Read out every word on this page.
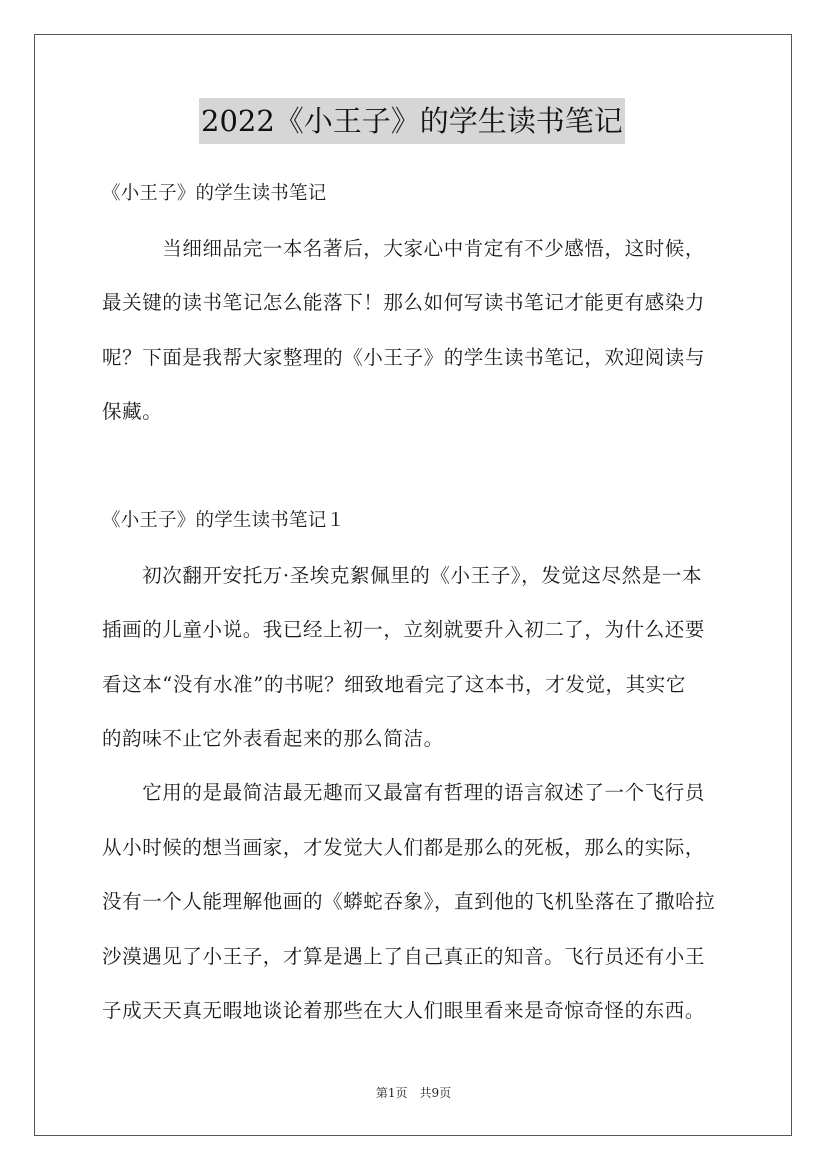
2022《小王子》的学生读书笔记
《小王子》的学生读书笔记
　　　当细细品完一本名著后，大家心中肯定有不少感悟，这时候，
最关键的读书笔记怎么能落下！那么如何写读书笔记才能更有感染力
呢？下面是我帮大家整理的《小王子》的学生读书笔记，欢迎阅读与
保藏。
《小王子》的学生读书笔记１
　　初次翻开安托万·圣埃克絮佩里的《小王子》，发觉这尽然是一本
插画的儿童小说。我已经上初一，立刻就要升入初二了，为什么还要
看这本“没有水准”的书呢？细致地看完了这本书，才发觉，其实它
的韵味不止它外表看起来的那么简洁。
　　它用的是最简洁最无趣而又最富有哲理的语言叙述了一个飞行员
从小时候的想当画家，才发觉大人们都是那么的死板，那么的实际，
没有一个人能理解他画的《蟒蛇吞象》，直到他的飞机坠落在了撒哈拉
沙漠遇见了小王子，才算是遇上了自己真正的知音。飞行员还有小王
子成天天真无暇地谈论着那些在大人们眼里看来是奇惊奇怪的东西。
第1页　共9页
